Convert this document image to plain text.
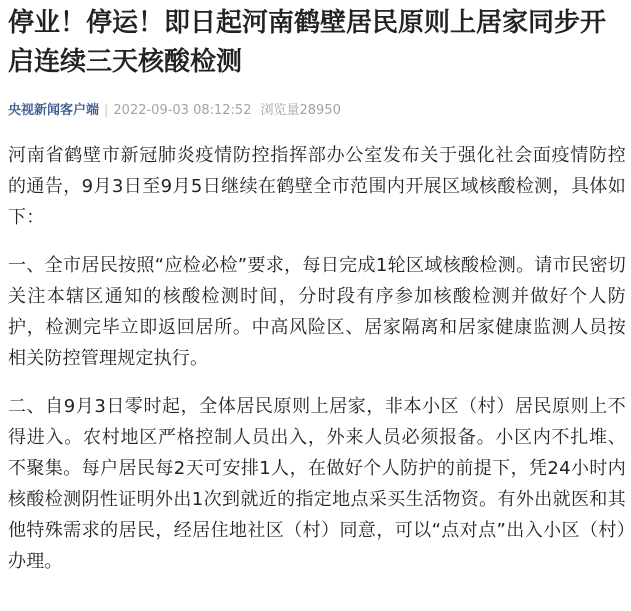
停业！停运！即日起河南鹤壁居民原则上居家同步开启连续三天核酸检测
央视新闻客户端 | 2022-09-03 08:12:52 浏览量28950

河南省鹤壁市新冠肺炎疫情防控指挥部办公室发布关于强化社会面疫情防控的通告，9月3日至9月5日继续在鹤壁全市范围内开展区域核酸检测，具体如下：

一、全市居民按照“应检必检”要求，每日完成1轮区域核酸检测。请市民密切关注本辖区通知的核酸检测时间，分时段有序参加核酸检测并做好个人防护，检测完毕立即返回居所。中高风险区、居家隔离和居家健康监测人员按相关防控管理规定执行。

二、自9月3日零时起，全体居民原则上居家，非本小区（村）居民原则上不得进入。农村地区严格控制人员出入，外来人员必须报备。小区内不扎堆、不聚集。每户居民每2天可安排1人，在做好个人防护的前提下，凭24小时内核酸检测阴性证明外出1次到就近的指定地点采买生活物资。有外出就医和其他特殊需求的居民，经居住地社区（村）同意，可以“点对点”出入小区（村）办理。
